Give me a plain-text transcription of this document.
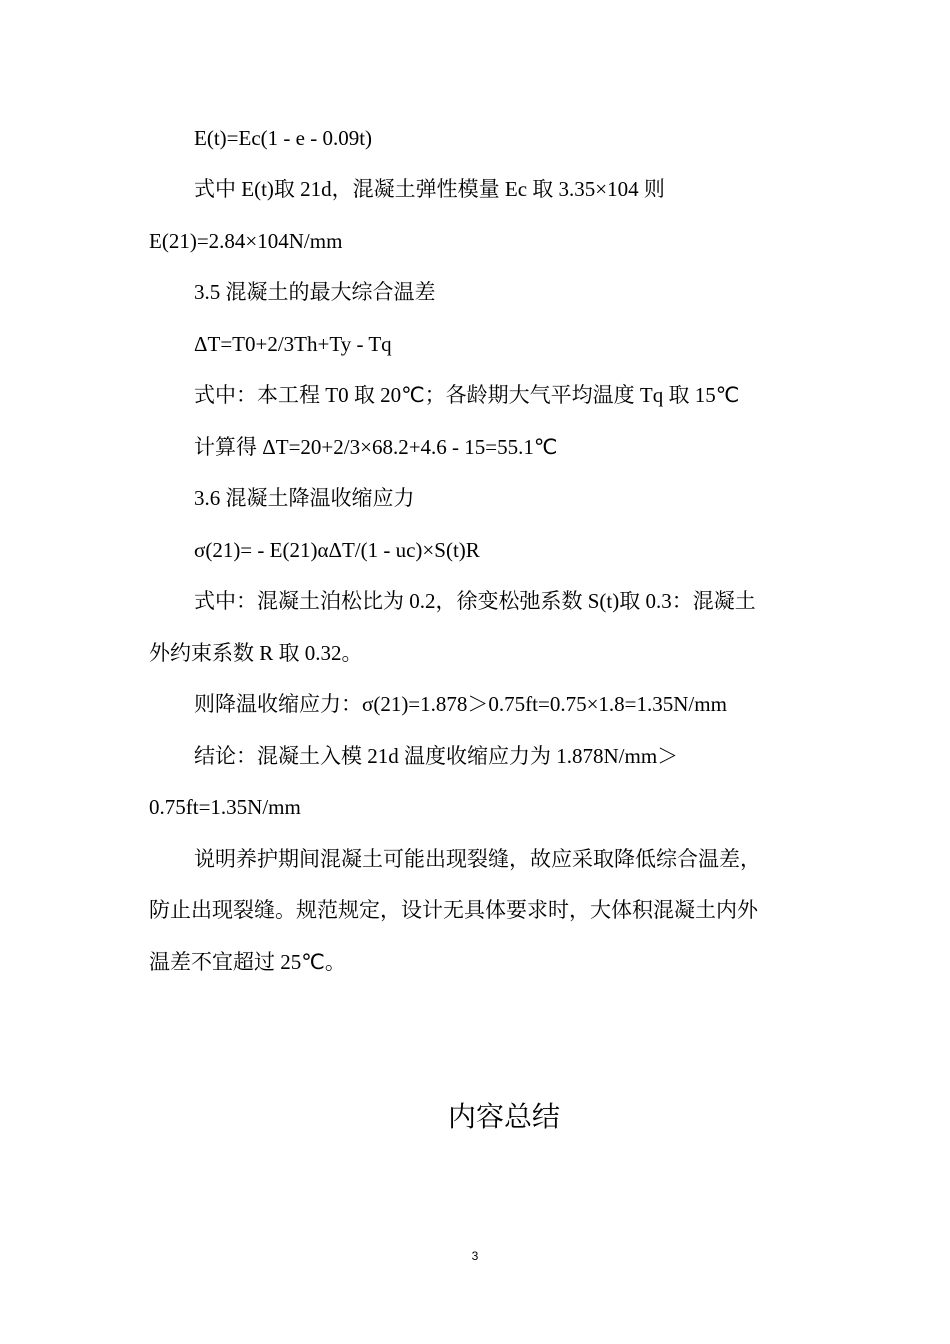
E(t)=Ec(1 - e - 0.09t)
式中 E(t)取 21d，混凝土弹性模量 Ec 取 3.35×104 则
E(21)=2.84×104N/mm
3.5 混凝土的最大综合温差
ΔT=T0+2/3Th+Ty - Tq
式中：本工程 T0 取 20℃；各龄期大气平均温度 Tq 取 15℃
计算得 ΔT=20+2/3×68.2+4.6 - 15=55.1℃
3.6 混凝土降温收缩应力
σ(21)= - E(21)αΔT/(1 - uc)×S(t)R
式中：混凝土泊松比为 0.2，徐变松弛系数 S(t)取 0.3：混凝土
外约束系数 R 取 0.32。
则降温收缩应力：σ(21)=1.878＞0.75ft=0.75×1.8=1.35N/mm
结论：混凝土入模 21d 温度收缩应力为 1.878N/mm＞
0.75ft=1.35N/mm
说明养护期间混凝土可能出现裂缝，故应采取降低综合温差，
防止出现裂缝。规范规定，设计无具体要求时，大体积混凝土内外
温差不宜超过 25℃。
内容总结
3
